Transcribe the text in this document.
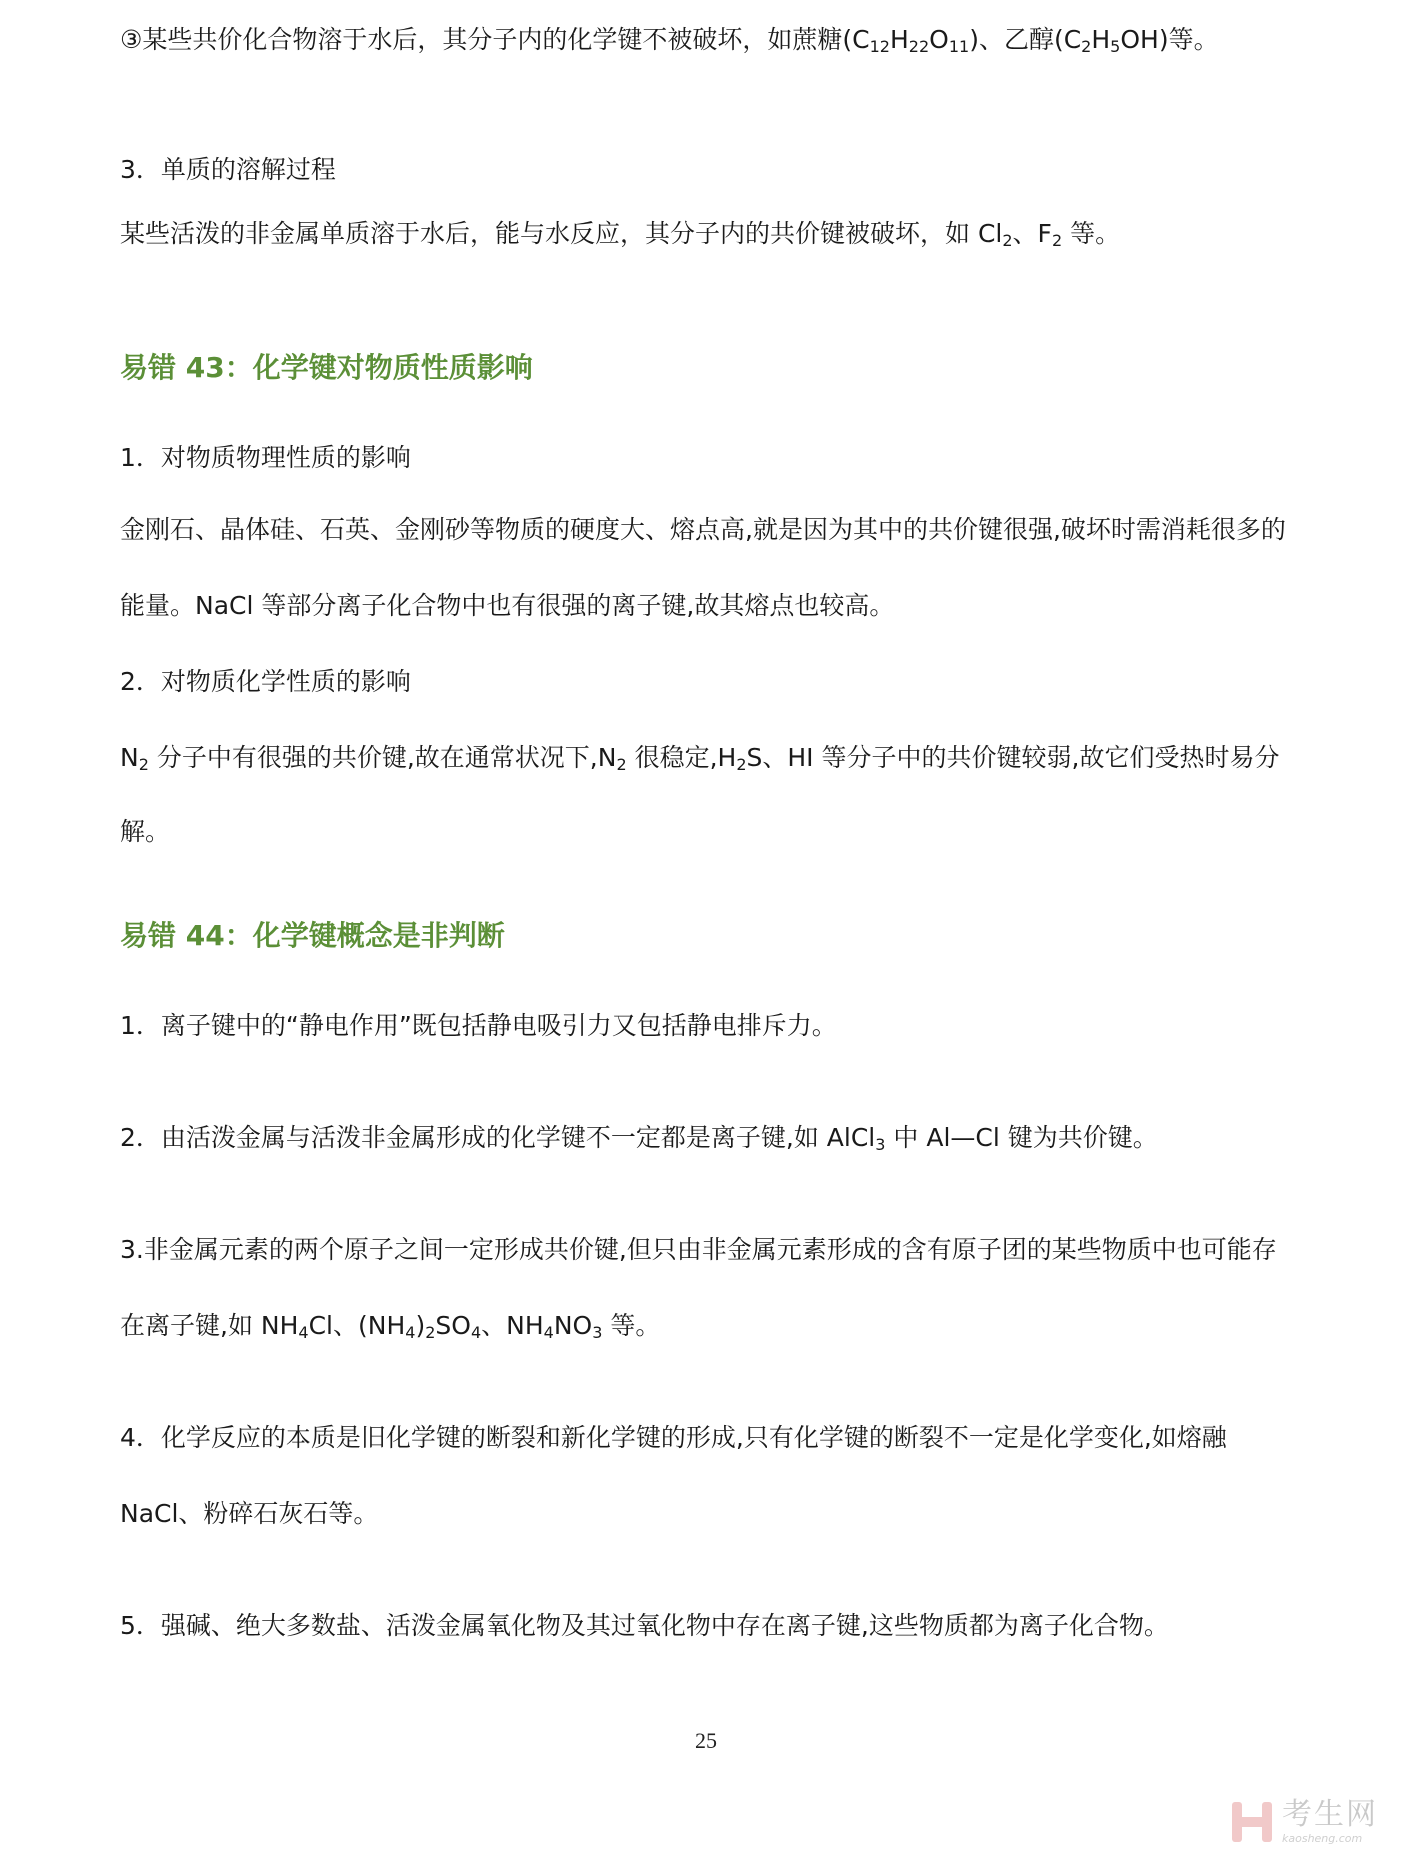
③某些共价化合物溶于水后，其分子内的化学键不被破坏，如蔗糖$(C_{12}H_{22}O_{11})$、乙醇$(C_2H_5OH)$等。

3．单质的溶解过程

某些活泼的非金属单质溶于水后，能与水反应，其分子内的共价键被破坏，如 $Cl_2$、$F_2$ 等。

易错 43：化学键对物质性质影响

1．对物质物理性质的影响

金刚石、晶体硅、石英、金刚砂等物质的硬度大、熔点高,就是因为其中的共价键很强,破坏时需消耗很多的

能量。NaCl 等部分离子化合物中也有很强的离子键,故其熔点也较高。

2．对物质化学性质的影响

$N_2$ 分子中有很强的共价键,故在通常状况下$,N_2$ 很稳定$,H_2S$、HI 等分子中的共价键较弱,故它们受热时易分

解。

易错 44：化学键概念是非判断

1．离子键中的“静电作用”既包括静电吸引力又包括静电排斥力。

2．由活泼金属与活泼非金属形成的化学键不一定都是离子键,如 AlCl$_3$ 中 Al—Cl 键为共价键。

3.非金属元素的两个原子之间一定形成共价键,但只由非金属元素形成的含有原子团的某些物质中也可能存

在离子键,如 $NH_4Cl$、$(NH_4)_2SO_4$、$NH_4NO_3$ 等。

4．化学反应的本质是旧化学键的断裂和新化学键的形成,只有化学键的断裂不一定是化学变化,如熔融

NaCl、粉碎石灰石等。

5．强碱、绝大多数盐、活泼金属氧化物及其过氧化物中存在离子键,这些物质都为离子化合物。

25
考生网
kaosheng.com
